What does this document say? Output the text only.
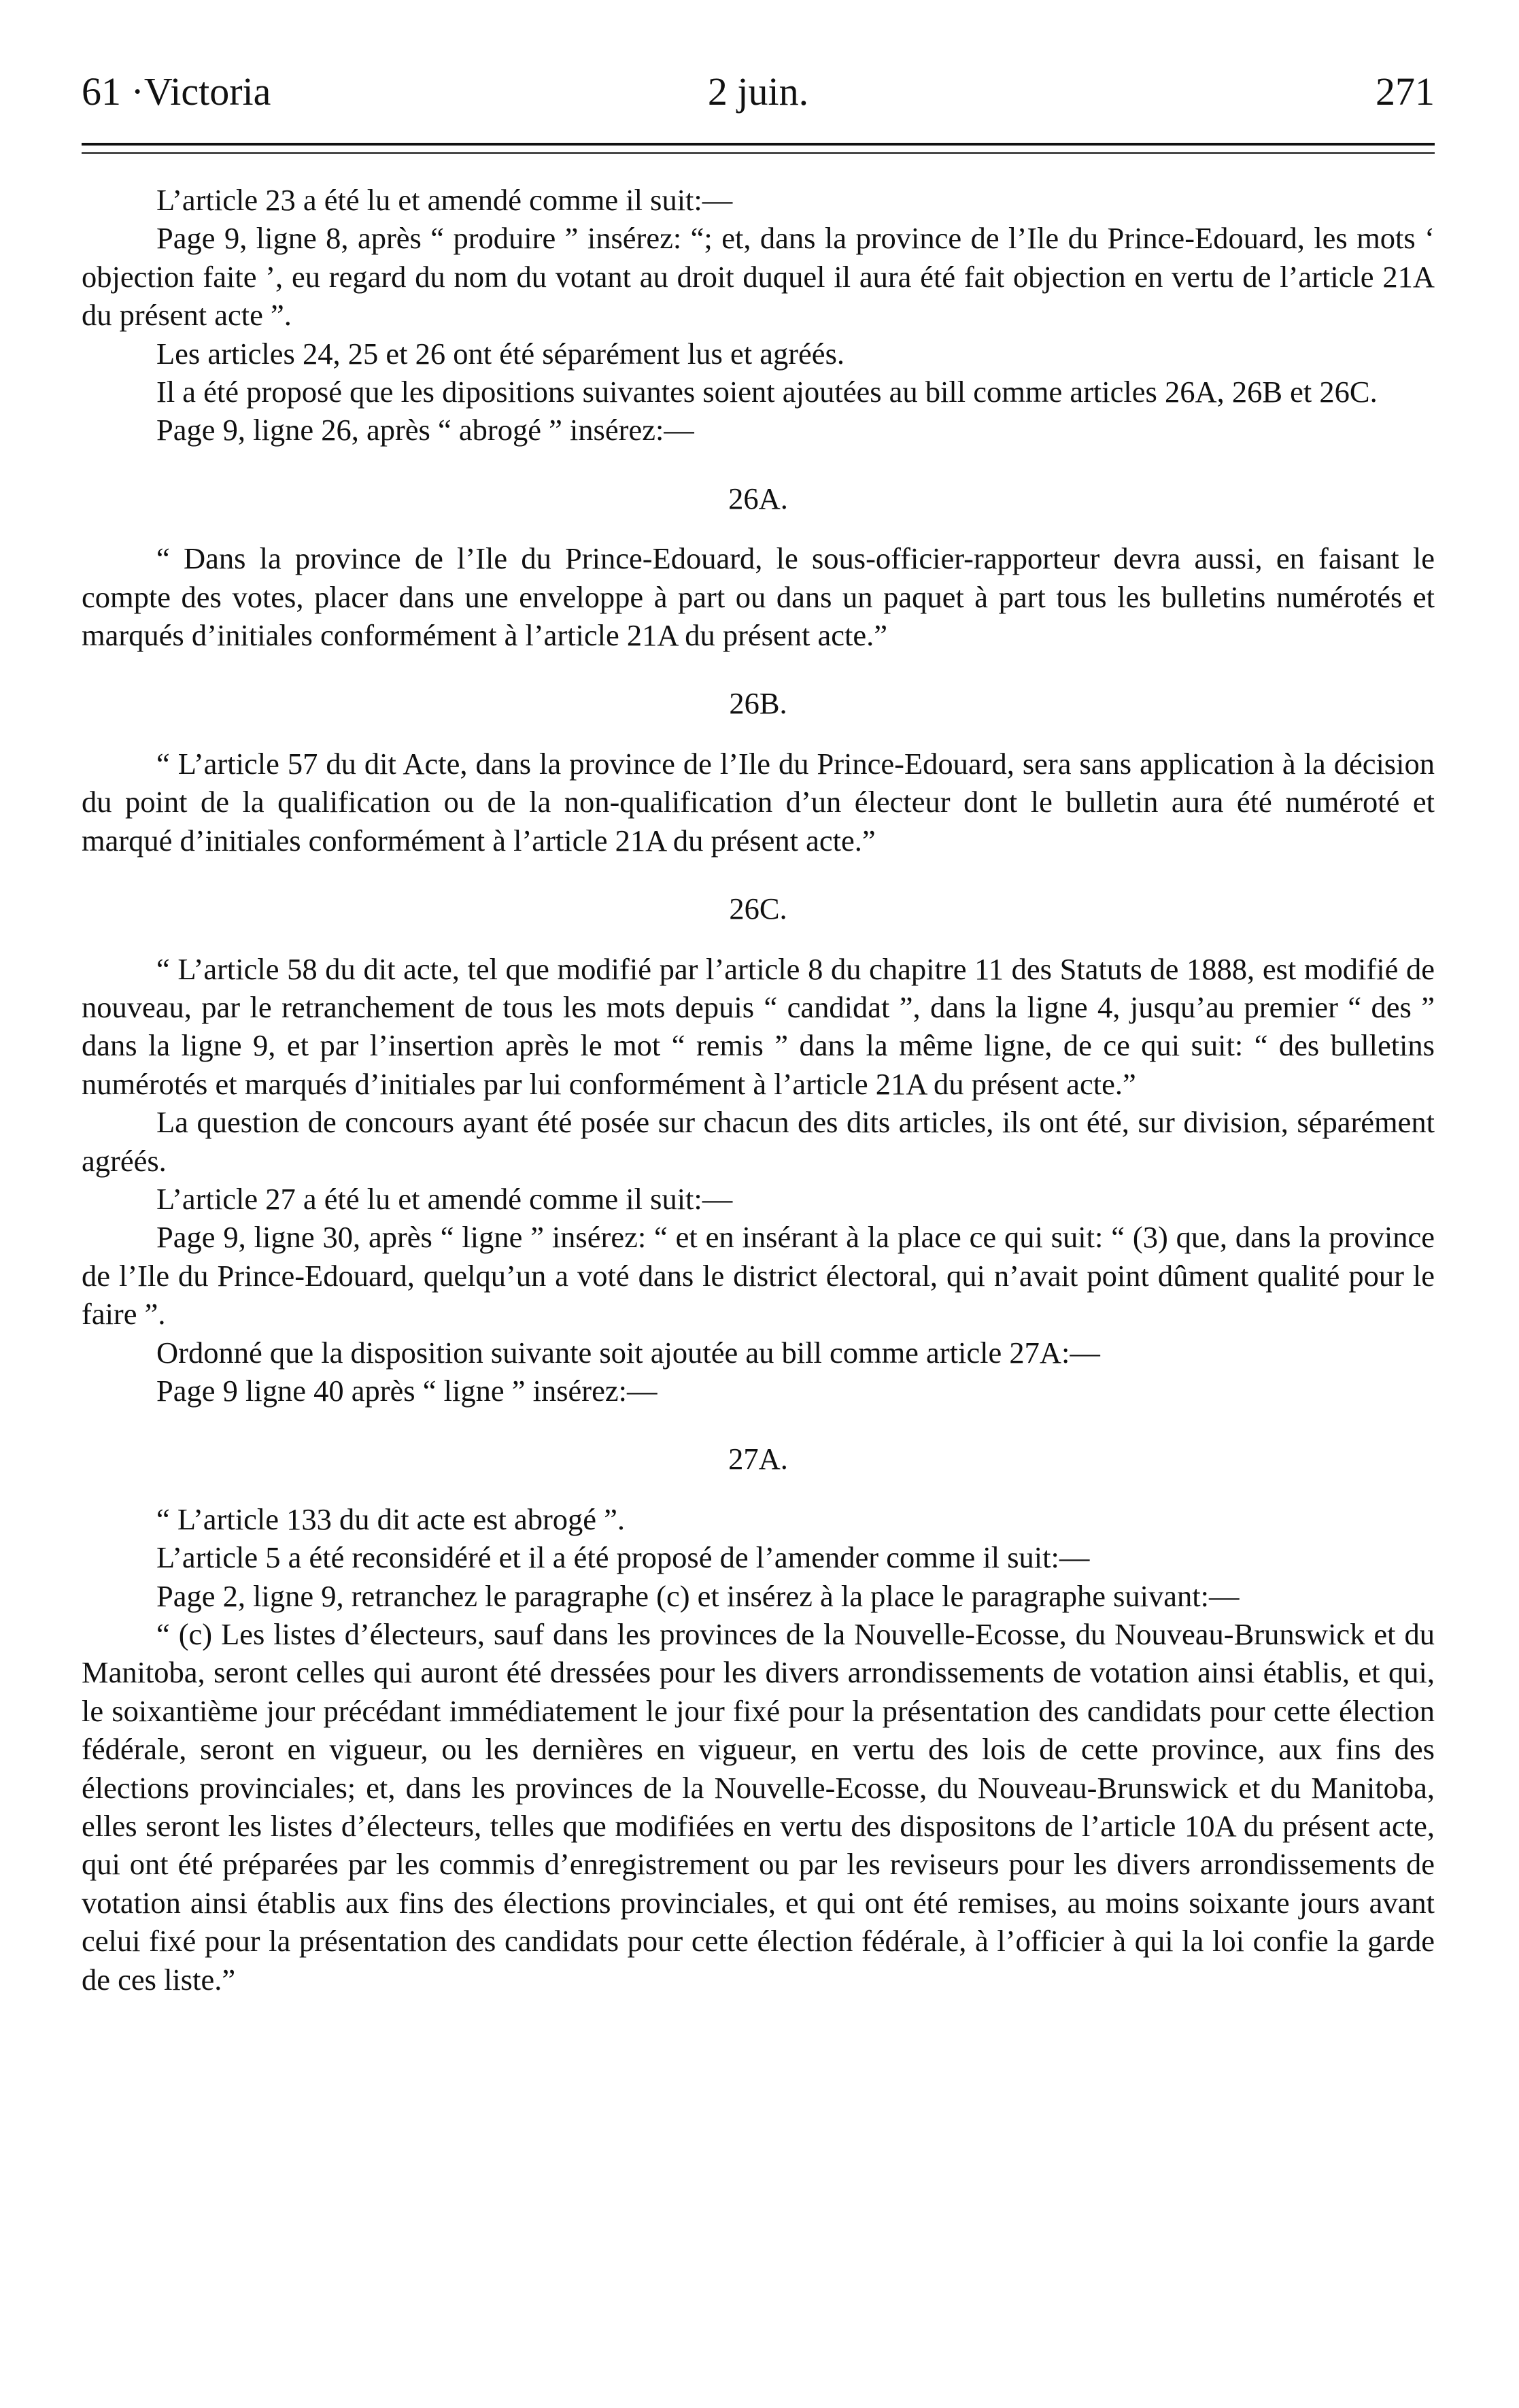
61 ·Victoria	2 juin.	271

L’article 23 a été lu et amendé comme il suit:—

Page 9, ligne 8, après “ produire ” insérez: “; et, dans la province de l’Ile du Prince-Edouard, les mots ‘ objection faite ’, eu regard du nom du votant au droit duquel il aura été fait objection en vertu de l’article 21A du présent acte ”.

Les articles 24, 25 et 26 ont été séparément lus et agréés.

Il a été proposé que les dipositions suivantes soient ajoutées au bill comme articles 26A, 26B et 26C.

Page 9, ligne 26, après “ abrogé ” insérez:—

26A.

“ Dans la province de l’Ile du Prince-Edouard, le sous-officier-rapporteur devra aussi, en faisant le compte des votes, placer dans une enveloppe à part ou dans un paquet à part tous les bulletins numérotés et marqués d’initiales conformément à l’article 21A du présent acte.”

26B.

“ L’article 57 du dit Acte, dans la province de l’Ile du Prince-Edouard, sera sans application à la décision du point de la qualification ou de la non-qualification d’un électeur dont le bulletin aura été numéroté et marqué d’initiales conformément à l’article 21A du présent acte.”

26C.

“ L’article 58 du dit acte, tel que modifié par l’article 8 du chapitre 11 des Statuts de 1888, est modifié de nouveau, par le retranchement de tous les mots depuis “ candidat ”, dans la ligne 4, jusqu’au premier “ des ” dans la ligne 9, et par l’insertion après le mot “ remis ” dans la même ligne, de ce qui suit: “ des bulletins numérotés et marqués d’initiales par lui conformément à l’article 21A du présent acte.”

La question de concours ayant été posée sur chacun des dits articles, ils ont été, sur division, séparément agréés.

L’article 27 a été lu et amendé comme il suit:—

Page 9, ligne 30, après “ ligne ” insérez: “ et en insérant à la place ce qui suit: “ (3) que, dans la province de l’Ile du Prince-Edouard, quelqu’un a voté dans le district électoral, qui n’avait point dûment qualité pour le faire ”.

Ordonné que la disposition suivante soit ajoutée au bill comme article 27A:—

Page 9 ligne 40 après “ ligne ” insérez:—

27A.

“ L’article 133 du dit acte est abrogé ”.

L’article 5 a été reconsidéré et il a été proposé de l’amender comme il suit:—

Page 2, ligne 9, retranchez le paragraphe (c) et insérez à la place le paragraphe suivant:—

“ (c) Les listes d’électeurs, sauf dans les provinces de la Nouvelle-Ecosse, du Nouveau-Brunswick et du Manitoba, seront celles qui auront été dressées pour les divers arrondissements de votation ainsi établis, et qui, le soixantième jour précédant immédiatement le jour fixé pour la présentation des candidats pour cette élection fédérale, seront en vigueur, ou les dernières en vigueur, en vertu des lois de cette province, aux fins des élections provinciales; et, dans les provinces de la Nouvelle-Ecosse, du Nouveau-Brunswick et du Manitoba, elles seront les listes d’électeurs, telles que modifiées en vertu des dispositons de l’article 10A du présent acte, qui ont été préparées par les commis d’enregistrement ou par les reviseurs pour les divers arrondissements de votation ainsi établis aux fins des élections provinciales, et qui ont été remises, au moins soixante jours avant celui fixé pour la présentation des candidats pour cette élection fédérale, à l’officier à qui la loi confie la garde de ces liste.”
